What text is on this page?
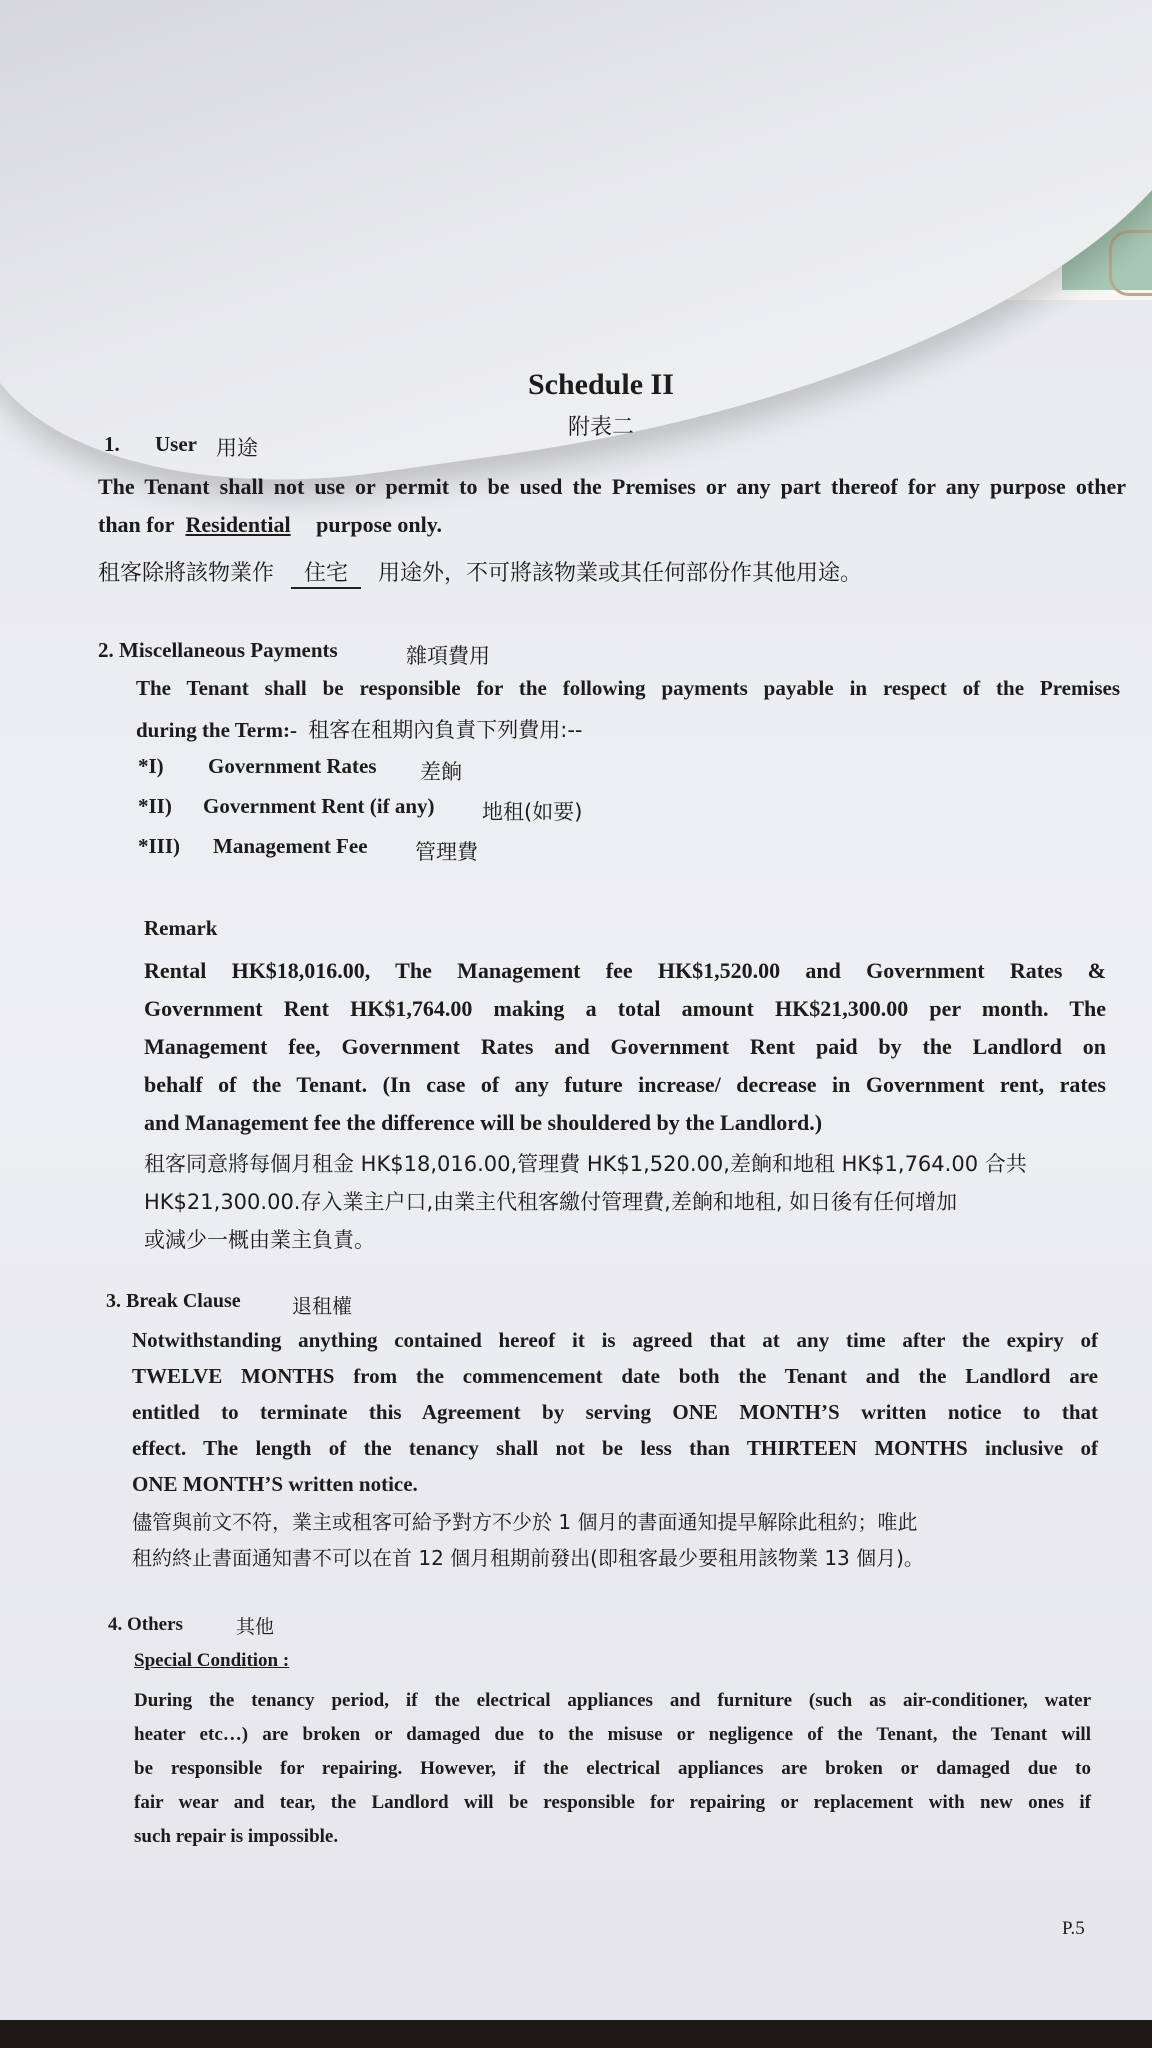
Schedule II
附表二
1. User 用途
The Tenant shall not use or permit to be used the Premises or any part thereof for any purpose other
than for Residential purpose only.
租客除將該物業作 住宅 用途外，不可將該物業或其任何部份作其他用途。
2. Miscellaneous Payments	雜項費用
The Tenant shall be responsible for the following payments payable in respect of the Premises
during the Term:- 租客在租期內負責下列費用:--
*I) Government Rates 差餉
*II) Government Rent (if any) 地租(如要)
*III) Management Fee 管理費
Remark
Rental HK$18,016.00, The Management fee HK$1,520.00 and Government Rates &
Government Rent HK$1,764.00 making a total amount HK$21,300.00 per month. The
Management fee, Government Rates and Government Rent paid by the Landlord on
behalf of the Tenant. (In case of any future increase/ decrease in Government rent, rates
and Management fee the difference will be shouldered by the Landlord.)
租客同意將每個月租金 HK$18,016.00,管理費 HK$1,520.00,差餉和地租 HK$1,764.00 合共
HK$21,300.00.存入業主户口,由業主代租客繳付管理費,差餉和地租, 如日後有任何增加
或減少一概由業主負責。
3. Break Clause	退租權
Notwithstanding anything contained hereof it is agreed that at any time after the expiry of
TWELVE MONTHS from the commencement date both the Tenant and the Landlord are
entitled to terminate this Agreement by serving ONE MONTH’S written notice to that
effect. The length of the tenancy shall not be less than THIRTEEN MONTHS inclusive of
ONE MONTH’S written notice.
儘管與前文不符，業主或租客可給予對方不少於 1 個月的書面通知提早解除此租約；唯此
租約終止書面通知書不可以在首 12 個月租期前發出(即租客最少要租用該物業 13 個月)。
4. Others	其他
Special Condition :
During the tenancy period, if the electrical appliances and furniture (such as air-conditioner, water
heater etc…) are broken or damaged due to the misuse or negligence of the Tenant, the Tenant will
be responsible for repairing. However, if the electrical appliances are broken or damaged due to
fair wear and tear, the Landlord will be responsible for repairing or replacement with new ones if
such repair is impossible.
P.5
